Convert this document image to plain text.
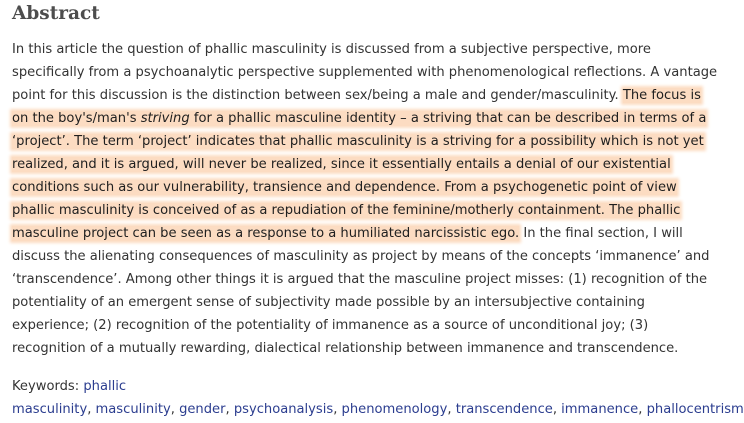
Abstract
In this article the question of phallic masculinity is discussed from a subjective perspective, more
specifically from a psychoanalytic perspective supplemented with phenomenological reflections. A vantage
point for this discussion is the distinction between sex/being a male and gender/masculinity. The focus is
on the boy's/man's striving for a phallic masculine identity – a striving that can be described in terms of a
‘project’. The term ‘project’ indicates that phallic masculinity is a striving for a possibility which is not yet
realized, and it is argued, will never be realized, since it essentially entails a denial of our existential
conditions such as our vulnerability, transience and dependence. From a psychogenetic point of view
phallic masculinity is conceived of as a repudiation of the feminine/motherly containment. The phallic
masculine project can be seen as a response to a humiliated narcissistic ego. In the final section, I will
discuss the alienating consequences of masculinity as project by means of the concepts ‘immanence’ and
‘transcendence’. Among other things it is argued that the masculine project misses: (1) recognition of the
potentiality of an emergent sense of subjectivity made possible by an intersubjective containing
experience; (2) recognition of the potentiality of immanence as a source of unconditional joy; (3)
recognition of a mutually rewarding, dialectical relationship between immanence and transcendence.
Keywords: phallic
masculinity, masculinity, gender, psychoanalysis, phenomenology, transcendence, immanence, phallocentrism
